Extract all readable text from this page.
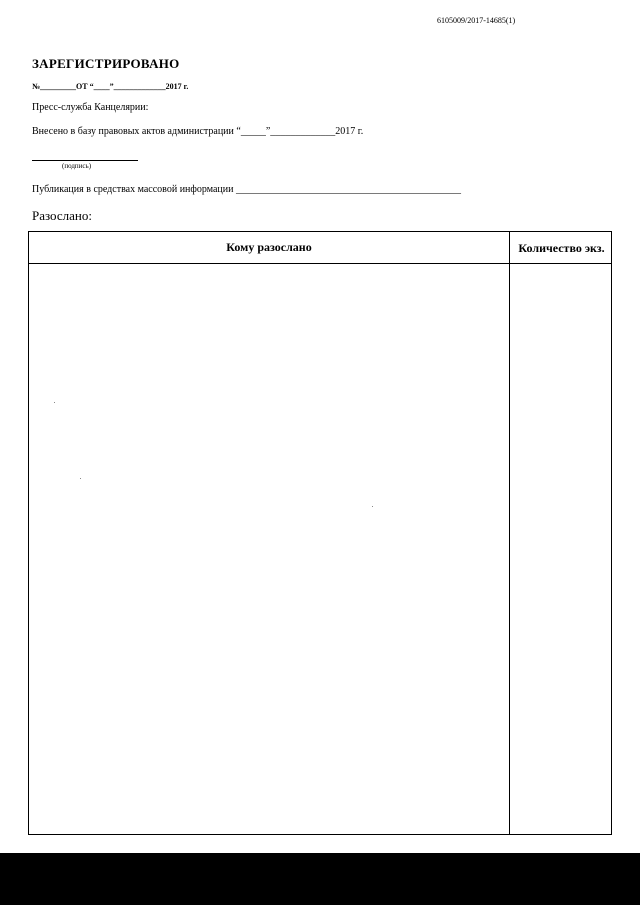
6105009/2017-14685(1)
ЗАРЕГИСТРИРОВАНО
№_________ОТ “____”_____________2017 г.
Пресс-служба Канцелярии:
Внесено в базу правовых актов администрации “_____”_____________2017 г.
(подпись)
Публикация в средствах массовой информации _____________________________________________
Разослано:
Кому разослано	Количество экз.
